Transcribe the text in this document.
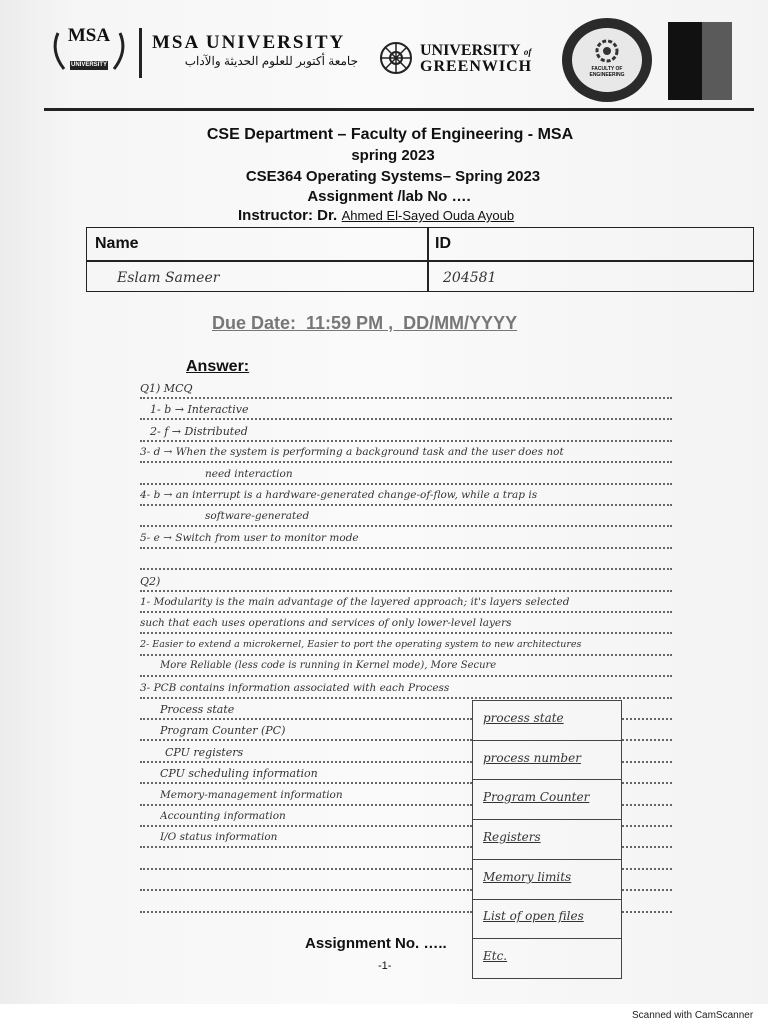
MSA
UNIVERSITY
MSA UNIVERSITY
جامعة أكتوبر للعلوم الحديثة والآداب
UNIVERSITY of
GREENWICH	FACULTY OF ENGINEERING
CSE Department – Faculty of Engineering - MSA
spring 2023
CSE364 Operating Systems– Spring 2023
Assignment /lab No ….
Instructor: Dr. Ahmed El-Sayed Ouda Ayoub
Name	ID
Eslam Sameer	204581
Due Date:  11:59 PM ,  DD/MM/YYYY
Answer:
Q1) MCQ
1- b → Interactive
2- f → Distributed
3- d → When the system is performing a background task and the user does not
need interaction
4- b → an interrupt is a hardware-generated change-of-flow, while a trap is
software-generated
5- e → Switch from user to monitor mode
Q2)
1- Modularity is the main advantage of the layered approach; it's layers selected
such that each uses operations and services of only lower-level layers
2- Easier to extend a microkernel, Easier to port the operating system to new architectures
More Reliable (less code is running in Kernel mode), More Secure
3- PCB contains information associated with each Process
Process state
Program Counter (PC)
CPU registers
CPU scheduling information
Memory-management information
Accounting information
I/O status information
process state
process number
Program Counter
Registers
Memory limits
List of open files
Etc.
Assignment No. …..
-1-
Scanned with CamScanner
